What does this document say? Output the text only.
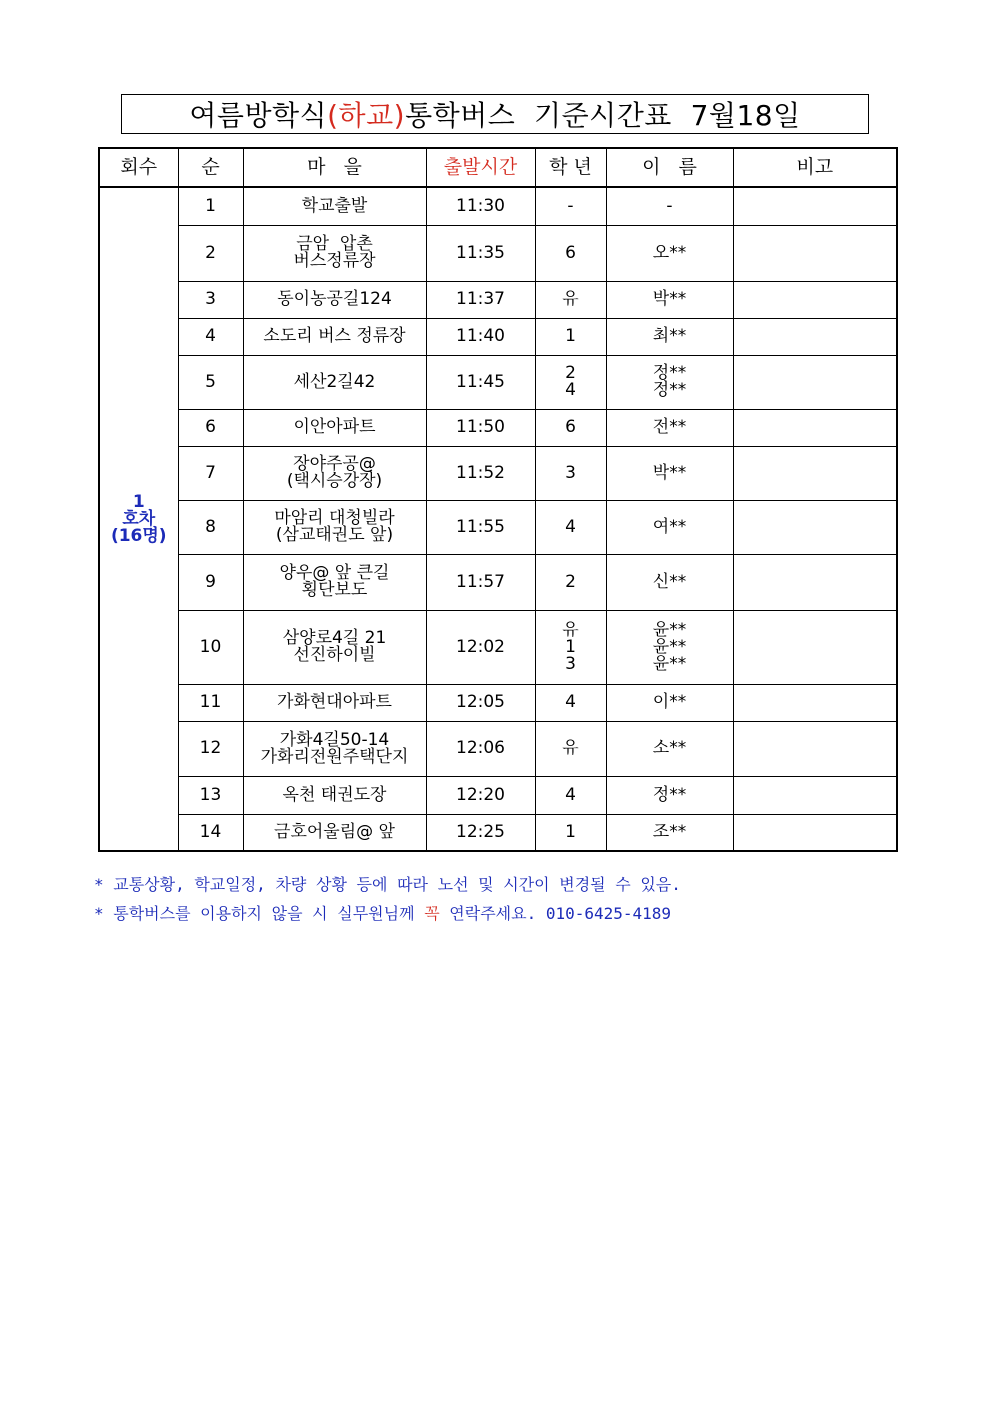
여름방학식 (하교) 통학버스  기준시간표  7월18일
회수	순	마   을	출발시간	학 년	이   름	비고

1
호차
(16명)	1	학교출발	11:30	-	-	

	2	금암  압촌
버스정류장	11:35	6	오**	

	3	동이농공길124	11:37	유	박**	

	4	소도리 버스 정류장	11:40	1	최**	

	5	세산2길42	11:45	2
4	정**
정**	

	6	이안아파트	11:50	6	전**	

	7	장야주공@
(택시승강장)	11:52	3	박**	

	8	마암리 대청빌라
(삼교태권도 앞)	11:55	4	여**	

	9	양우@ 앞 큰길
횡단보도	11:57	2	신**	

	10	삼양로4길 21
선진하이빌	12:02	유
1
3	윤**
윤**
윤**	

	11	가화현대아파트	12:05	4	이**	

	12	가화4길50-14
가화리전원주택단지	12:06	유	소**	

	13	옥천 태권도장	12:20	4	정**	

	14	금호어울림@ 앞	12:25	1	조**	

* 교통상황, 학교일정, 차량 상황 등에 따라 노선 및 시간이 변경될 수 있음.
* 통학버스를 이용하지 않을 시 실무원님께 꼭 연락주세요. 010-6425-4189
